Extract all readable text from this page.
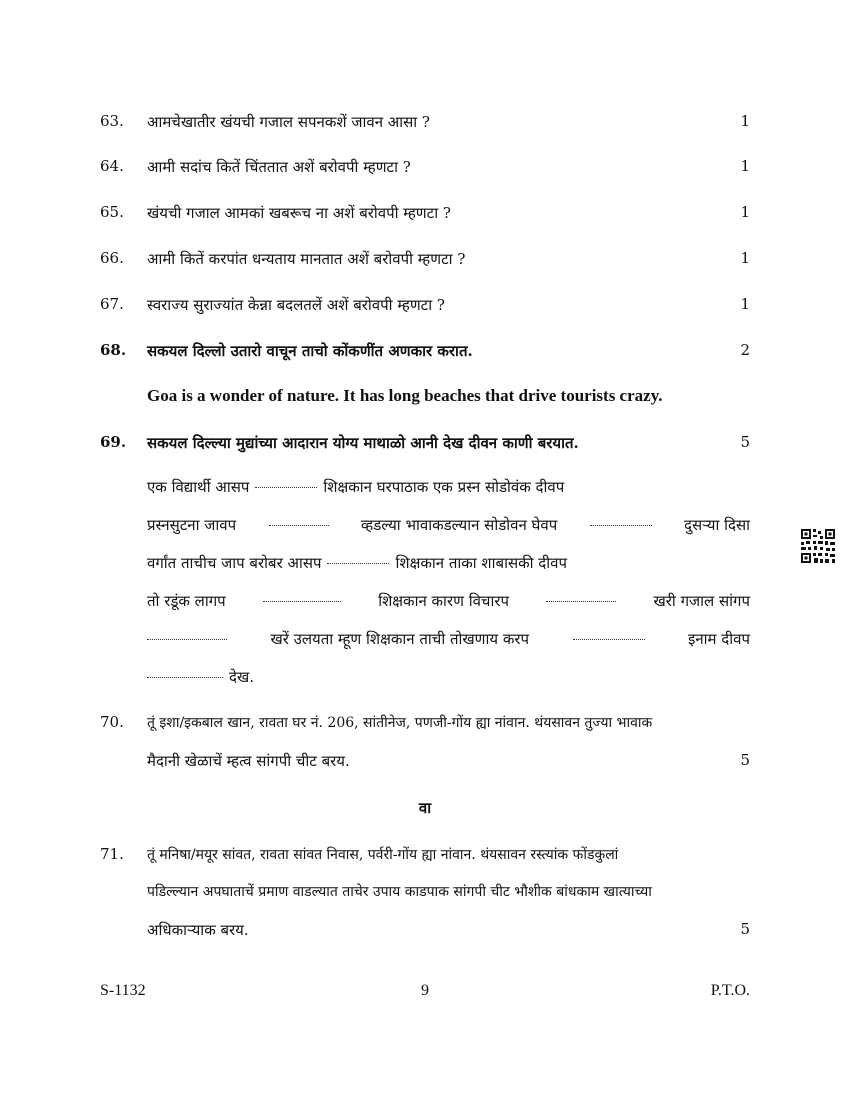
63.	आमचेखातीर खंयची गजाल सपनकशें जावन आसा ?	1
64.	आमी सदांच कितें चिंततात अशें बरोवपी म्हणटा ?	1
65.	खंयची गजाल आमकां खबरूच ना अशें बरोवपी म्हणटा ?	1
66.	आमी कितें करपांत धन्यताय मानतात अशें बरोवपी म्हणटा ?	1
67.	स्वराज्य सुराज्यांत केन्ना बदलतलें अशें बरोवपी म्हणटा ?	1
68.	सकयल दिल्लो उतारो वाचून ताचो कोंकणींत अणकार करात.	2
Goa is a wonder of nature. It has long beaches that drive tourists crazy.
69.	सकयल दिल्ल्या मुद्यांच्या आदारान योग्य माथाळो आनी देख दीवन काणी बरयात.	5
एक विद्यार्थी आसप	शिक्षकान घरपाठाक एक प्रस्न सोडोवंक दीवप
प्रस्नसुटना जावप	व्हडल्या भावाकडल्यान सोडोवन घेवप	दुसऱ्या दिसा
वर्गांत ताचीच जाप बरोबर आसप	शिक्षकान ताका शाबासकी दीवप
तो रडूंक लागप	शिक्षकान कारण विचारप	खरी गजाल सांगप
खरें उलयता म्हूण शिक्षकान ताची तोखणाय करप	इनाम दीवप
देख.
70.	तूं इशा/इकबाल खान, रावता घर नं. 206, सांतीनेज, पणजी-गोंय ह्या नांवान. थंयसावन तुज्या भावाक
मैदानी खेळाचें म्हत्व सांगपी चीट बरय.	5
वा
71.	तूं मनिषा/मयूर सांवत, रावता सांवत निवास, पर्वरी-गोंय ह्या नांवान. थंयसावन रस्त्यांक फोंडकुलां
पडिल्ल्यान अपघाताचें प्रमाण वाडल्यात ताचेर उपाय काडपाक सांगपी चीट भौशीक बांधकाम खात्याच्या
अधिकाऱ्याक बरय.	5
S-1132	9	P.T.O.
